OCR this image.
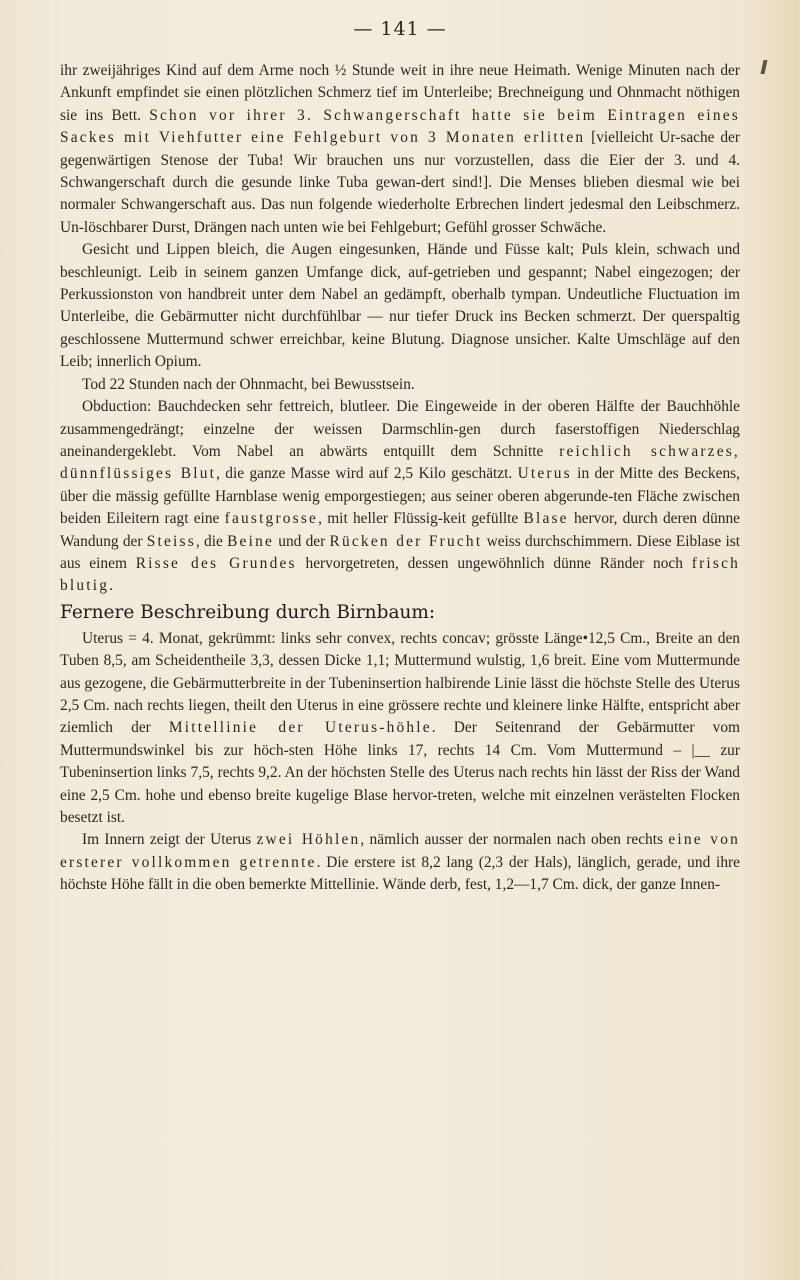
— 141 —

ihr zweijähriges Kind auf dem Arme noch ½ Stunde weit in ihre neue Heimath. Wenige Minuten nach der Ankunft empfindet sie einen plötzlichen Schmerz tief im Unterleibe; Brechneigung und Ohnmacht nöthigen sie ins Bett. Schon vor ihrer 3. Schwangerschaft hatte sie beim Eintragen eines Sackes mit Viehfutter eine Fehlgeburt von 3 Monaten erlitten [vielleicht Ur-sache der gegenwärtigen Stenose der Tuba! Wir brauchen uns nur vorzustellen, dass die Eier der 3. und 4. Schwangerschaft durch die gesunde linke Tuba gewan-dert sind!]. Die Menses blieben diesmal wie bei normaler Schwangerschaft aus. Das nun folgende wiederholte Erbrechen lindert jedesmal den Leibschmerz. Un-löschbarer Durst, Drängen nach unten wie bei Fehlgeburt; Gefühl grosser Schwäche.

Gesicht und Lippen bleich, die Augen eingesunken, Hände und Füsse kalt; Puls klein, schwach und beschleunigt. Leib in seinem ganzen Umfange dick, auf-getrieben und gespannt; Nabel eingezogen; der Perkussionston von handbreit unter dem Nabel an gedämpft, oberhalb tympan. Undeutliche Fluctuation im Unterleibe, die Gebärmutter nicht durchfühlbar — nur tiefer Druck ins Becken schmerzt. Der querspaltig geschlossene Muttermund schwer erreichbar, keine Blutung. Diagnose unsicher. Kalte Umschläge auf den Leib; innerlich Opium.

Tod 22 Stunden nach der Ohnmacht, bei Bewusstsein.

Obduction: Bauchdecken sehr fettreich, blutleer. Die Eingeweide in der oberen Hälfte der Bauchhöhle zusammengedrängt; einzelne der weissen Darmschlin-gen durch faserstoffigen Niederschlag aneinandergeklebt. Vom Nabel an abwärts entquillt dem Schnitte reichlich schwarzes, dünnflüssiges Blut, die ganze Masse wird auf 2,5 Kilo geschätzt. Uterus in der Mitte des Beckens, über die mässig gefüllte Harnblase wenig emporgestiegen; aus seiner oberen abgerunde-ten Fläche zwischen beiden Eileitern ragt eine faustgrosse, mit heller Flüssig-keit gefüllte Blase hervor, durch deren dünne Wandung der Steiss, die Beine und der Rücken der Frucht weiss durchschimmern. Diese Eiblase ist aus einem Risse des Grundes hervorgetreten, dessen ungewöhnlich dünne Ränder noch frisch blutig.

Fernere Beschreibung durch Birnbaum:

Uterus = 4. Monat, gekrümmt: links sehr convex, rechts concav; grösste Länge•12,5 Cm., Breite an den Tuben 8,5, am Scheidentheile 3,3, dessen Dicke 1,1; Muttermund wulstig, 1,6 breit. Eine vom Muttermunde aus gezogene, die Gebärmutterbreite in der Tubeninsertion halbirende Linie lässt die höchste Stelle des Uterus 2,5 Cm. nach rechts liegen, theilt den Uterus in eine grössere rechte und kleinere linke Hälfte, entspricht aber ziemlich der Mittellinie der Uterus-höhle. Der Seitenrand der Gebärmutter vom Muttermundswinkel bis zur höch-sten Höhe links 17, rechts 14 Cm. Vom Muttermund – |__ zur Tubeninsertion links 7,5, rechts 9,2. An der höchsten Stelle des Uterus nach rechts hin lässt der Riss der Wand eine 2,5 Cm. hohe und ebenso breite kugelige Blase hervor-treten, welche mit einzelnen verästelten Flocken besetzt ist.

Im Innern zeigt der Uterus zwei Höhlen, nämlich ausser der normalen nach oben rechts eine von ersterer vollkommen getrennte. Die erstere ist 8,2 lang (2,3 der Hals), länglich, gerade, und ihre höchste Höhe fällt in die oben bemerkte Mittellinie. Wände derb, fest, 1,2—1,7 Cm. dick, der ganze Innen-
